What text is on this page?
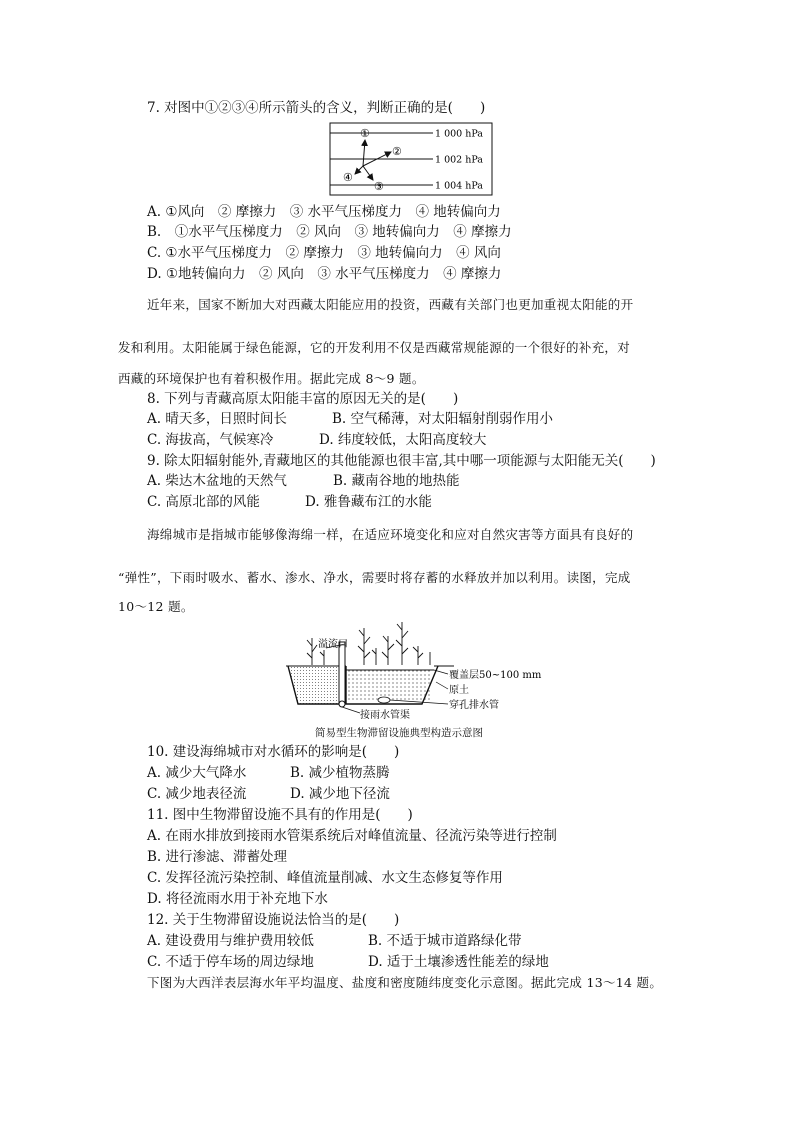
7. 对图中①②③④所示箭头的含义，判断正确的是(　　)
1 000 hPa
1 002 hPa
1 004 hPa
①
②
③
④
A. ①风向　② 摩擦力　③ 水平气压梯度力　④ 地转偏向力
B.　①水平气压梯度力　② 风向　③ 地转偏向力　④ 摩擦力
C. ①水平气压梯度力　② 摩擦力　③ 地转偏向力　④ 风向
D. ①地转偏向力　② 风向　③ 水平气压梯度力　④ 摩擦力
近年来，国家不断加大对西藏太阳能应用的投资，西藏有关部门也更加重视太阳能的开
发和利用。太阳能属于绿色能源，它的开发利用不仅是西藏常规能源的一个很好的补充，对
西藏的环境保护也有着积极作用。据此完成 8～9 题。
8. 下列与青藏高原太阳能丰富的原因无关的是(　　)
A. 晴天多，日照时间长	B. 空气稀薄，对太阳辐射削弱作用小
C. 海拔高，气候寒冷	D. 纬度较低，太阳高度较大
9. 除太阳辐射能外,青藏地区的其他能源也很丰富,其中哪一项能源与太阳能无关(　　)
A. 柴达木盆地的天然气	B. 藏南谷地的地热能
C. 高原北部的风能	D. 雅鲁藏布江的水能
海绵城市是指城市能够像海绵一样，在适应环境变化和应对自然灾害等方面具有良好的
“弹性”，下雨时吸水、蓄水、渗水、净水，需要时将存蓄的水释放并加以利用。读图，完成
10～12 题。
溢流口
覆盖层50~100 mm
原土
穿孔排水管
接雨水管渠
简易型生物滞留设施典型构造示意图
10. 建设海绵城市对水循环的影响是(　　)
A. 减少大气降水	B. 减少植物蒸腾
C. 减少地表径流	D. 减少地下径流
11. 图中生物滞留设施不具有的作用是(　　)
A. 在雨水排放到接雨水管渠系统后对峰值流量、径流污染等进行控制
B. 进行渗滤、滞蓄处理
C. 发挥径流污染控制、峰值流量削减、水文生态修复等作用
D. 将径流雨水用于补充地下水
12. 关于生物滞留设施说法恰当的是(　　)
A. 建设费用与维护费用较低	B. 不适于城市道路绿化带
C. 不适于停车场的周边绿地	D. 适于土壤渗透性能差的绿地
下图为大西洋表层海水年平均温度、盐度和密度随纬度变化示意图。据此完成 13～14 题。
